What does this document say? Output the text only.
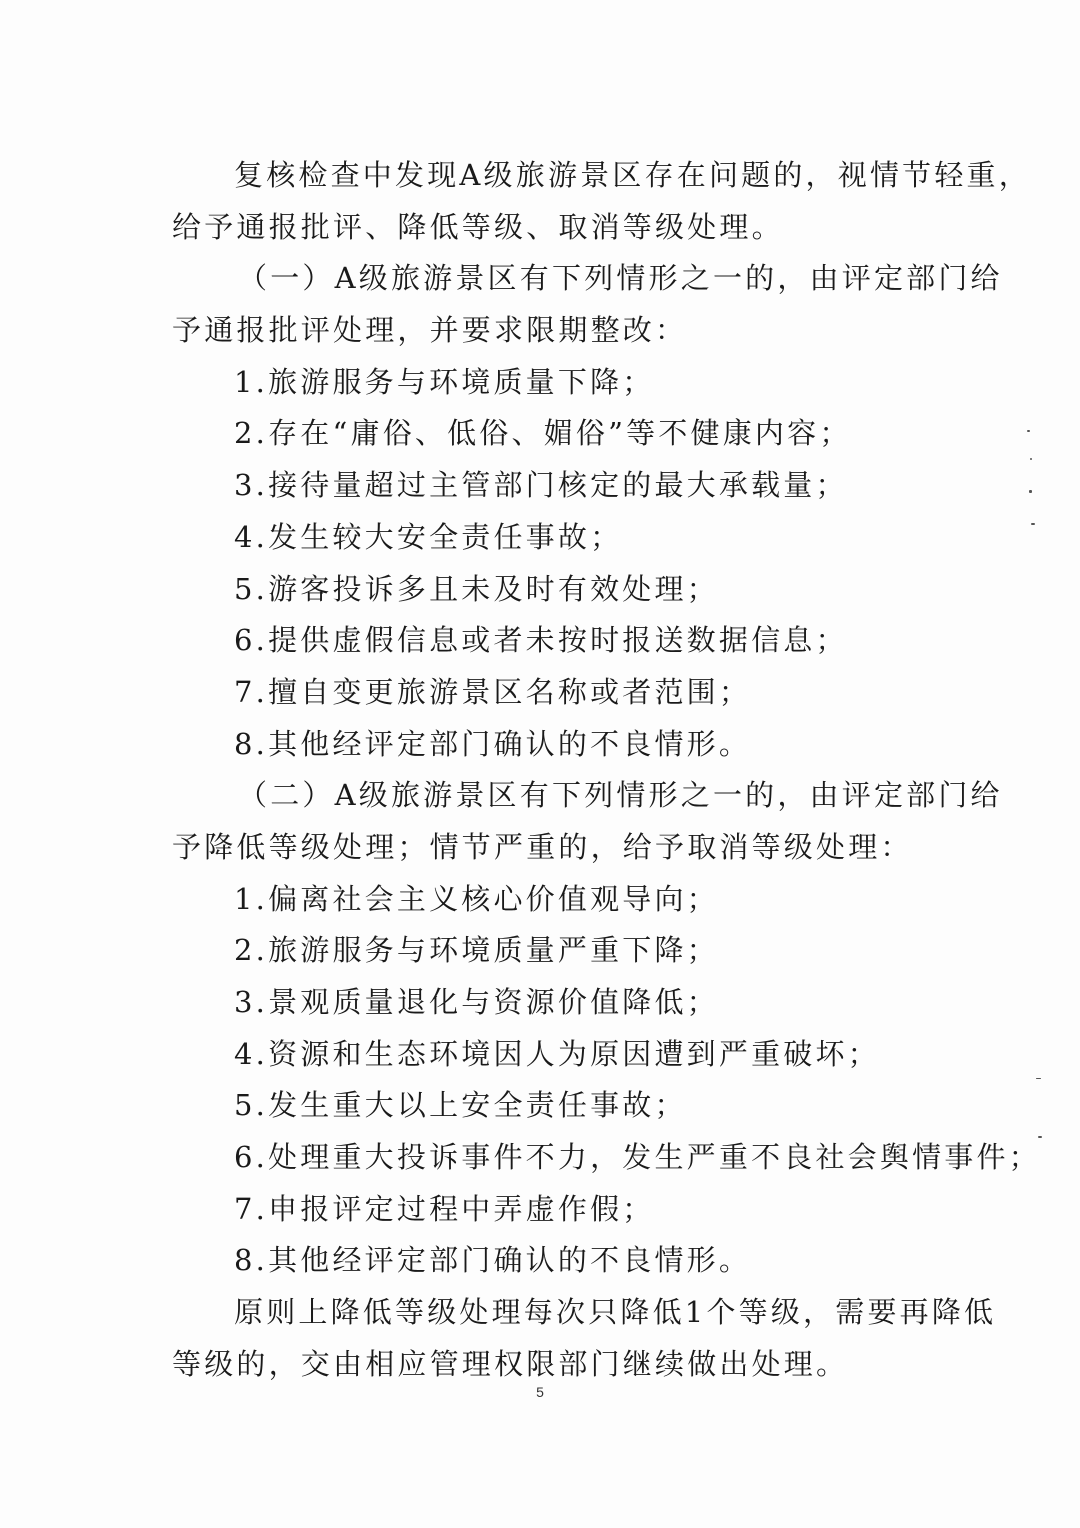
复核检查中发现A级旅游景区存在问题的，视情节轻重，
给予通报批评、降低等级、取消等级处理。
（一）A级旅游景区有下列情形之一的，由评定部门给
予通报批评处理，并要求限期整改：
1.旅游服务与环境质量下降；
2.存在“庸俗、低俗、媚俗”等不健康内容；
3.接待量超过主管部门核定的最大承载量；
4.发生较大安全责任事故；
5.游客投诉多且未及时有效处理；
6.提供虚假信息或者未按时报送数据信息；
7.擅自变更旅游景区名称或者范围；
8.其他经评定部门确认的不良情形。
（二）A级旅游景区有下列情形之一的，由评定部门给
予降低等级处理；情节严重的，给予取消等级处理：
1.偏离社会主义核心价值观导向；
2.旅游服务与环境质量严重下降；
3.景观质量退化与资源价值降低；
4.资源和生态环境因人为原因遭到严重破坏；
5.发生重大以上安全责任事故；
6.处理重大投诉事件不力，发生严重不良社会舆情事件；
7.申报评定过程中弄虚作假；
8.其他经评定部门确认的不良情形。
原则上降低等级处理每次只降低1个等级，需要再降低
等级的，交由相应管理权限部门继续做出处理。
5
